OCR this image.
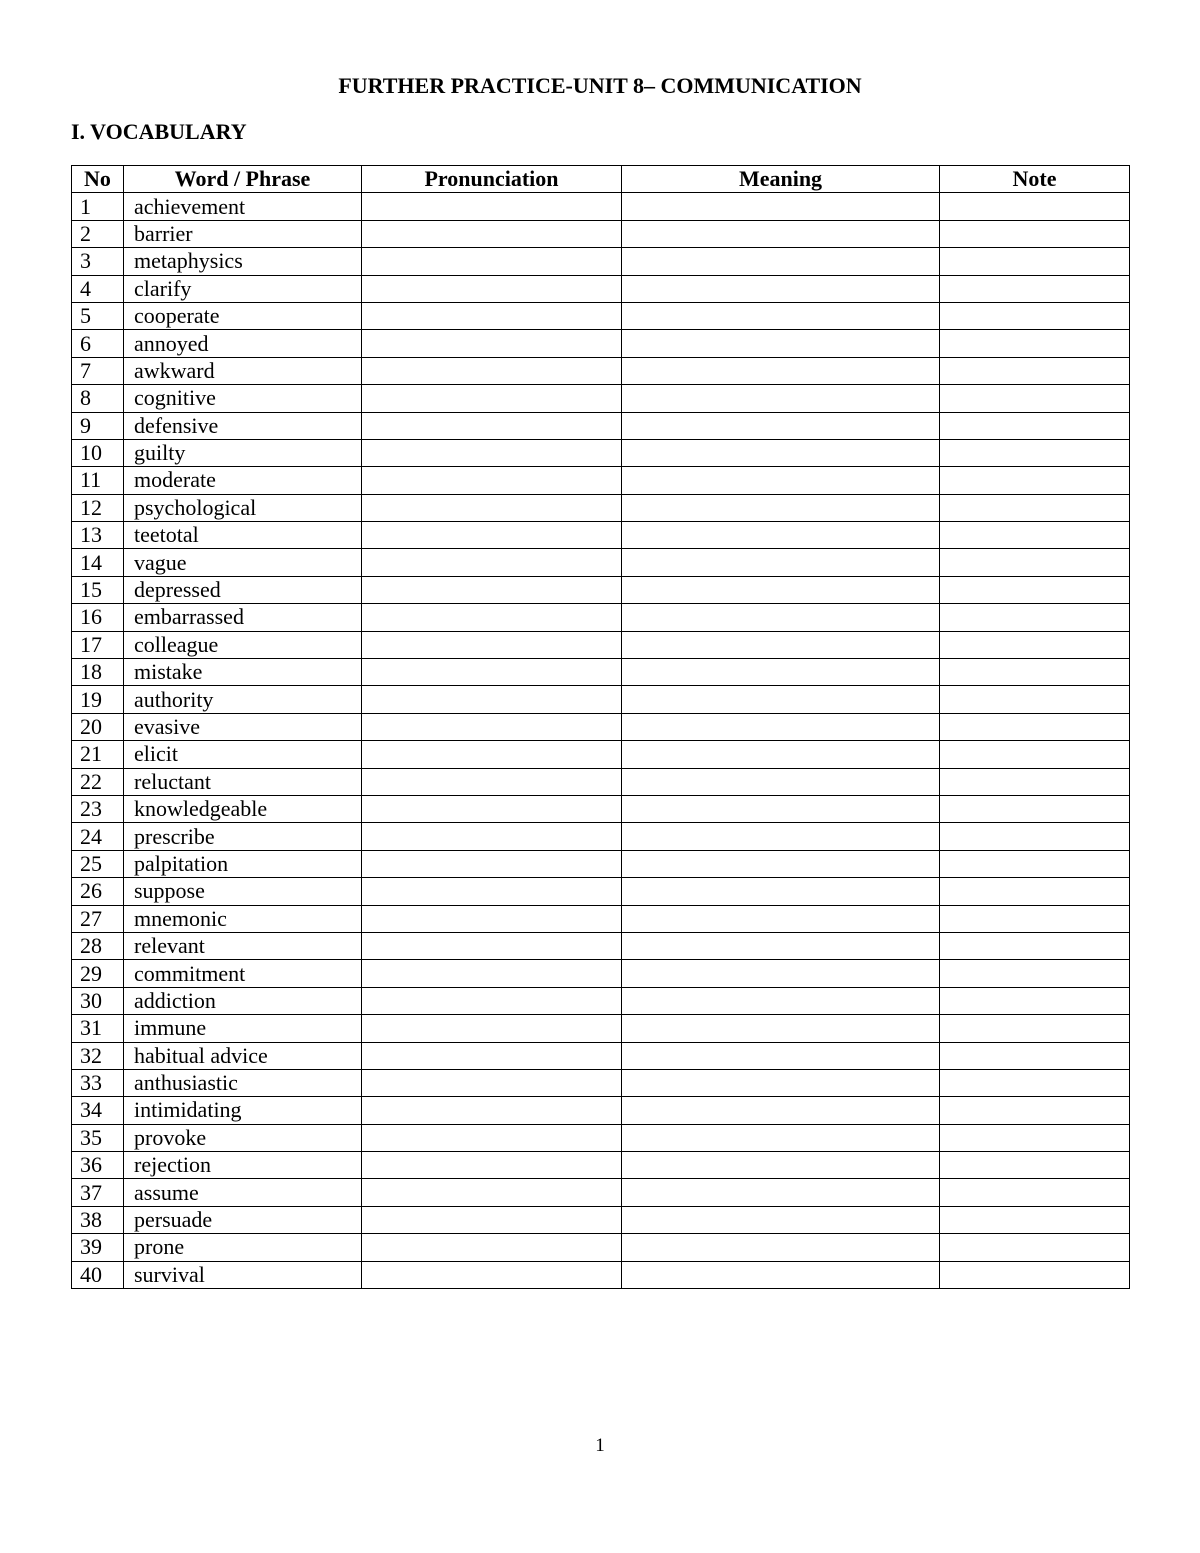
FURTHER PRACTICE-UNIT 8– COMMUNICATION
I. VOCABULARY
No	Word / Phrase	Pronunciation	Meaning	Note
1	achievement			
2	barrier			
3	metaphysics			
4	clarify			
5	cooperate			
6	annoyed			
7	awkward			
8	cognitive			
9	defensive			
10	guilty			
11	moderate			
12	psychological			
13	teetotal			
14	vague			
15	depressed			
16	embarrassed			
17	colleague			
18	mistake			
19	authority			
20	evasive			
21	elicit			
22	reluctant			
23	knowledgeable			
24	prescribe			
25	palpitation			
26	suppose			
27	mnemonic			
28	relevant			
29	commitment			
30	addiction			
31	immune			
32	habitual advice			
33	anthusiastic			
34	intimidating			
35	provoke			
36	rejection			
37	assume			
38	persuade			
39	prone			
40	survival			
1
